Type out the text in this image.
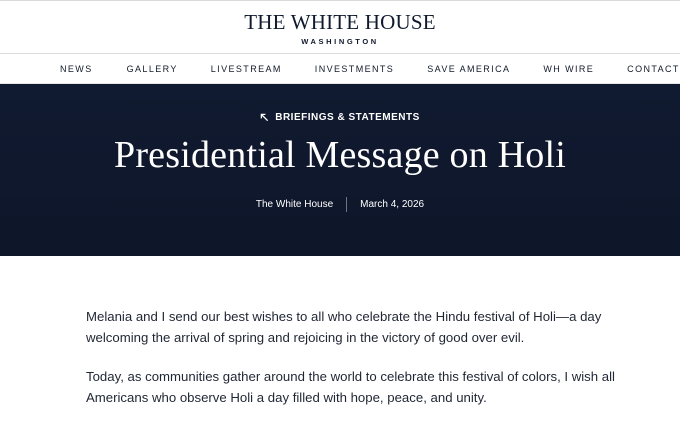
THE WHITE HOUSE
WASHINGTON
NEWS	GALLERY	LIVESTREAM	INVESTMENTS	SAVE AMERICA	WH WIRE	CONTACT
BRIEFINGS & STATEMENTS
Presidential Message on Holi
The White House	March 4, 2026

Melania and I send our best wishes to all who celebrate the Hindu festival of Holi—a day welcoming the arrival of spring and rejoicing in the victory of good over evil.

Today, as communities gather around the world to celebrate this festival of colors, I wish all Americans who observe Holi a day filled with hope, peace, and unity.
